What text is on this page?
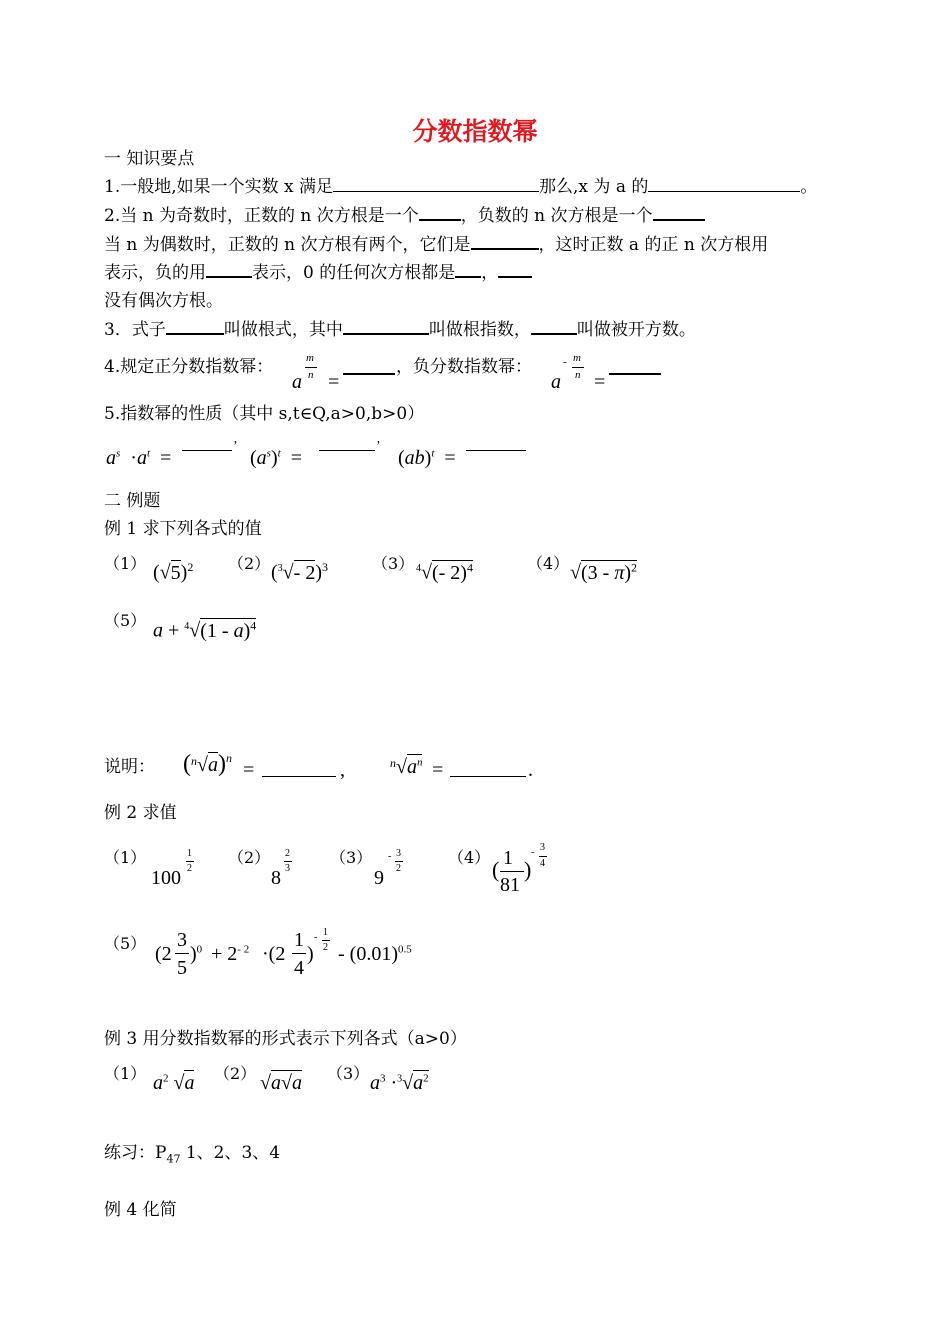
分数指数幂
一 知识要点
1.一般地,如果一个实数 x 满足	那么,x 为 a 的	。
2.当 n 为奇数时，正数的 n 次方根是一个 ，负数的 n 次方根是一个
当 n 为偶数时，正数的 n 次方根有两个，它们是	，这时正数 a 的正 n 次方根用
表示，负的用	表示，0 的任何次方根都是 ，
没有偶次方根。
3．式子	叫做根式，其中	叫做根指数，	叫做被开方数。
4.规定正分数指数幂：
a
m
n =
，负分数指数幂：
a
- m
n =
5.指数幂的性质（其中 s,t∈Q,a>0,b>0）
$a^s \cdot a^t$  =
’
$(a^s)^t$  =
’
(ab)$^t$  =
二 例题
例 1 求下列各式的值
（1） $(√5)^2$ （2） ($^3$√- 2)$^3$	（3） $^4$√(- 2)$^4$	（4） √(3 - π)$^2$
（5） a + $^4$√(1 - a)$^4$
说明： $(^n√a)^n$
=	,	$^n√a^n$ =	.
例 2 求值
（1）
100
1
2
（2）
8
2
3
（3）
9
- 3
2
（4） ( 1
81
)
- 3
4
（5） (2
3
5
)$^0 + 2^{- 2} \cdot(2$
1
4
)
- 1
$2 - (0.01)^{0.5}$
例 3 用分数指数幂的形式表示下列各式（a>0）
（1） $a^2$ √a （2） √a√a （3） $a^3 \cdot^3√a^2$
练习：$P_{47}$ 1、2、3、4
例 4 化简
